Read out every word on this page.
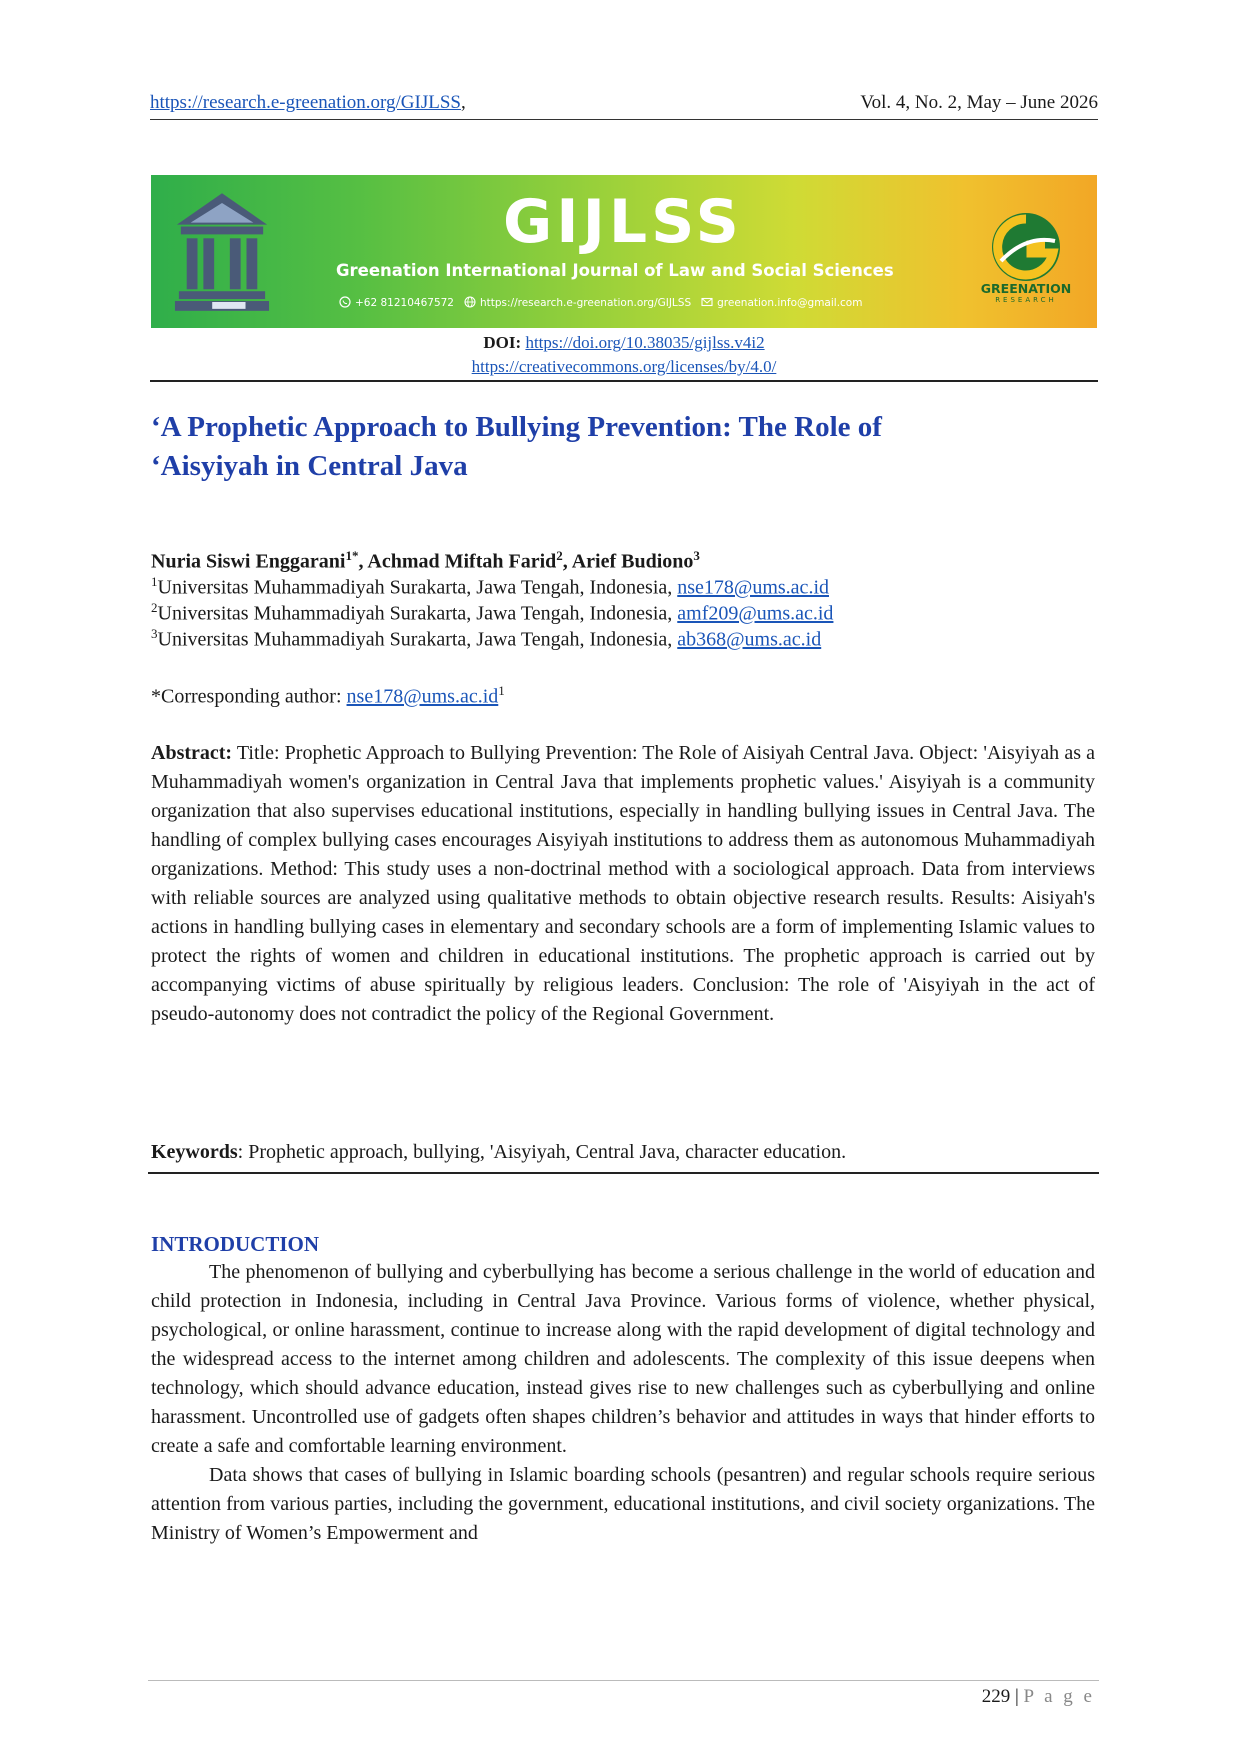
https://research.e-greenation.org/GIJLSS,	Vol. 4, No. 2, May – June 2026
GIJLSS
Greenation International Journal of Law and Social Sciences
+62 81210467572	https://research.e-greenation.org/GIJLSS	greenation.info@gmail.com
GREENATION
RESEARCH
DOI: https://doi.org/10.38035/gijlss.v4i2
https://creativecommons.org/licenses/by/4.0/
‘A Prophetic Approach to Bullying Prevention: The Role of
‘Aisyiyah in Central Java
Nuria Siswi Enggarani$^{1*}$, Achmad Miftah Farid$^2$, Arief Budiono$^3$
$^1$Universitas Muhammadiyah Surakarta, Jawa Tengah, Indonesia, nse178@ums.ac.id
$^2$Universitas Muhammadiyah Surakarta, Jawa Tengah, Indonesia, amf209@ums.ac.id
$^3$Universitas Muhammadiyah Surakarta, Jawa Tengah, Indonesia, ab368@ums.ac.id
*Corresponding author: $nse178@ums.ac.id^1$
Abstract: Title: Prophetic Approach to Bullying Prevention: The Role of Aisiyah Central Java. Object: 'Aisyiyah as a Muhammadiyah women's organization in Central Java that implements prophetic values.' Aisyiyah is a community organization that also supervises educational institutions, especially in handling bullying issues in Central Java. The handling of complex bullying cases encourages Aisyiyah institutions to address them as autonomous Muhammadiyah organizations. Method: This study uses a non-doctrinal method with a sociological approach. Data from interviews with reliable sources are analyzed using qualitative methods to obtain objective research results. Results: Aisiyah's actions in handling bullying cases in elementary and secondary schools are a form of implementing Islamic values to protect the rights of women and children in educational institutions. The prophetic approach is carried out by accompanying victims of abuse spiritually by religious leaders. Conclusion: The role of 'Aisyiyah in the act of pseudo-autonomy does not contradict the policy of the Regional Government.
Keywords: Prophetic approach, bullying, 'Aisyiyah, Central Java, character education.
INTRODUCTION

The phenomenon of bullying and cyberbullying has become a serious challenge in the world of education and child protection in Indonesia, including in Central Java Province. Various forms of violence, whether physical, psychological, or online harassment, continue to increase along with the rapid development of digital technology and the widespread access to the internet among children and adolescents. The complexity of this issue deepens when technology, which should advance education, instead gives rise to new challenges such as cyberbullying and online harassment. Uncontrolled use of gadgets often shapes children’s behavior and attitudes in ways that hinder efforts to create a safe and comfortable learning environment.

Data shows that cases of bullying in Islamic boarding schools (pesantren) and regular schools require serious attention from various parties, including the government, educational institutions, and civil society organizations. The Ministry of Women’s Empowerment and

229 | P a g e
